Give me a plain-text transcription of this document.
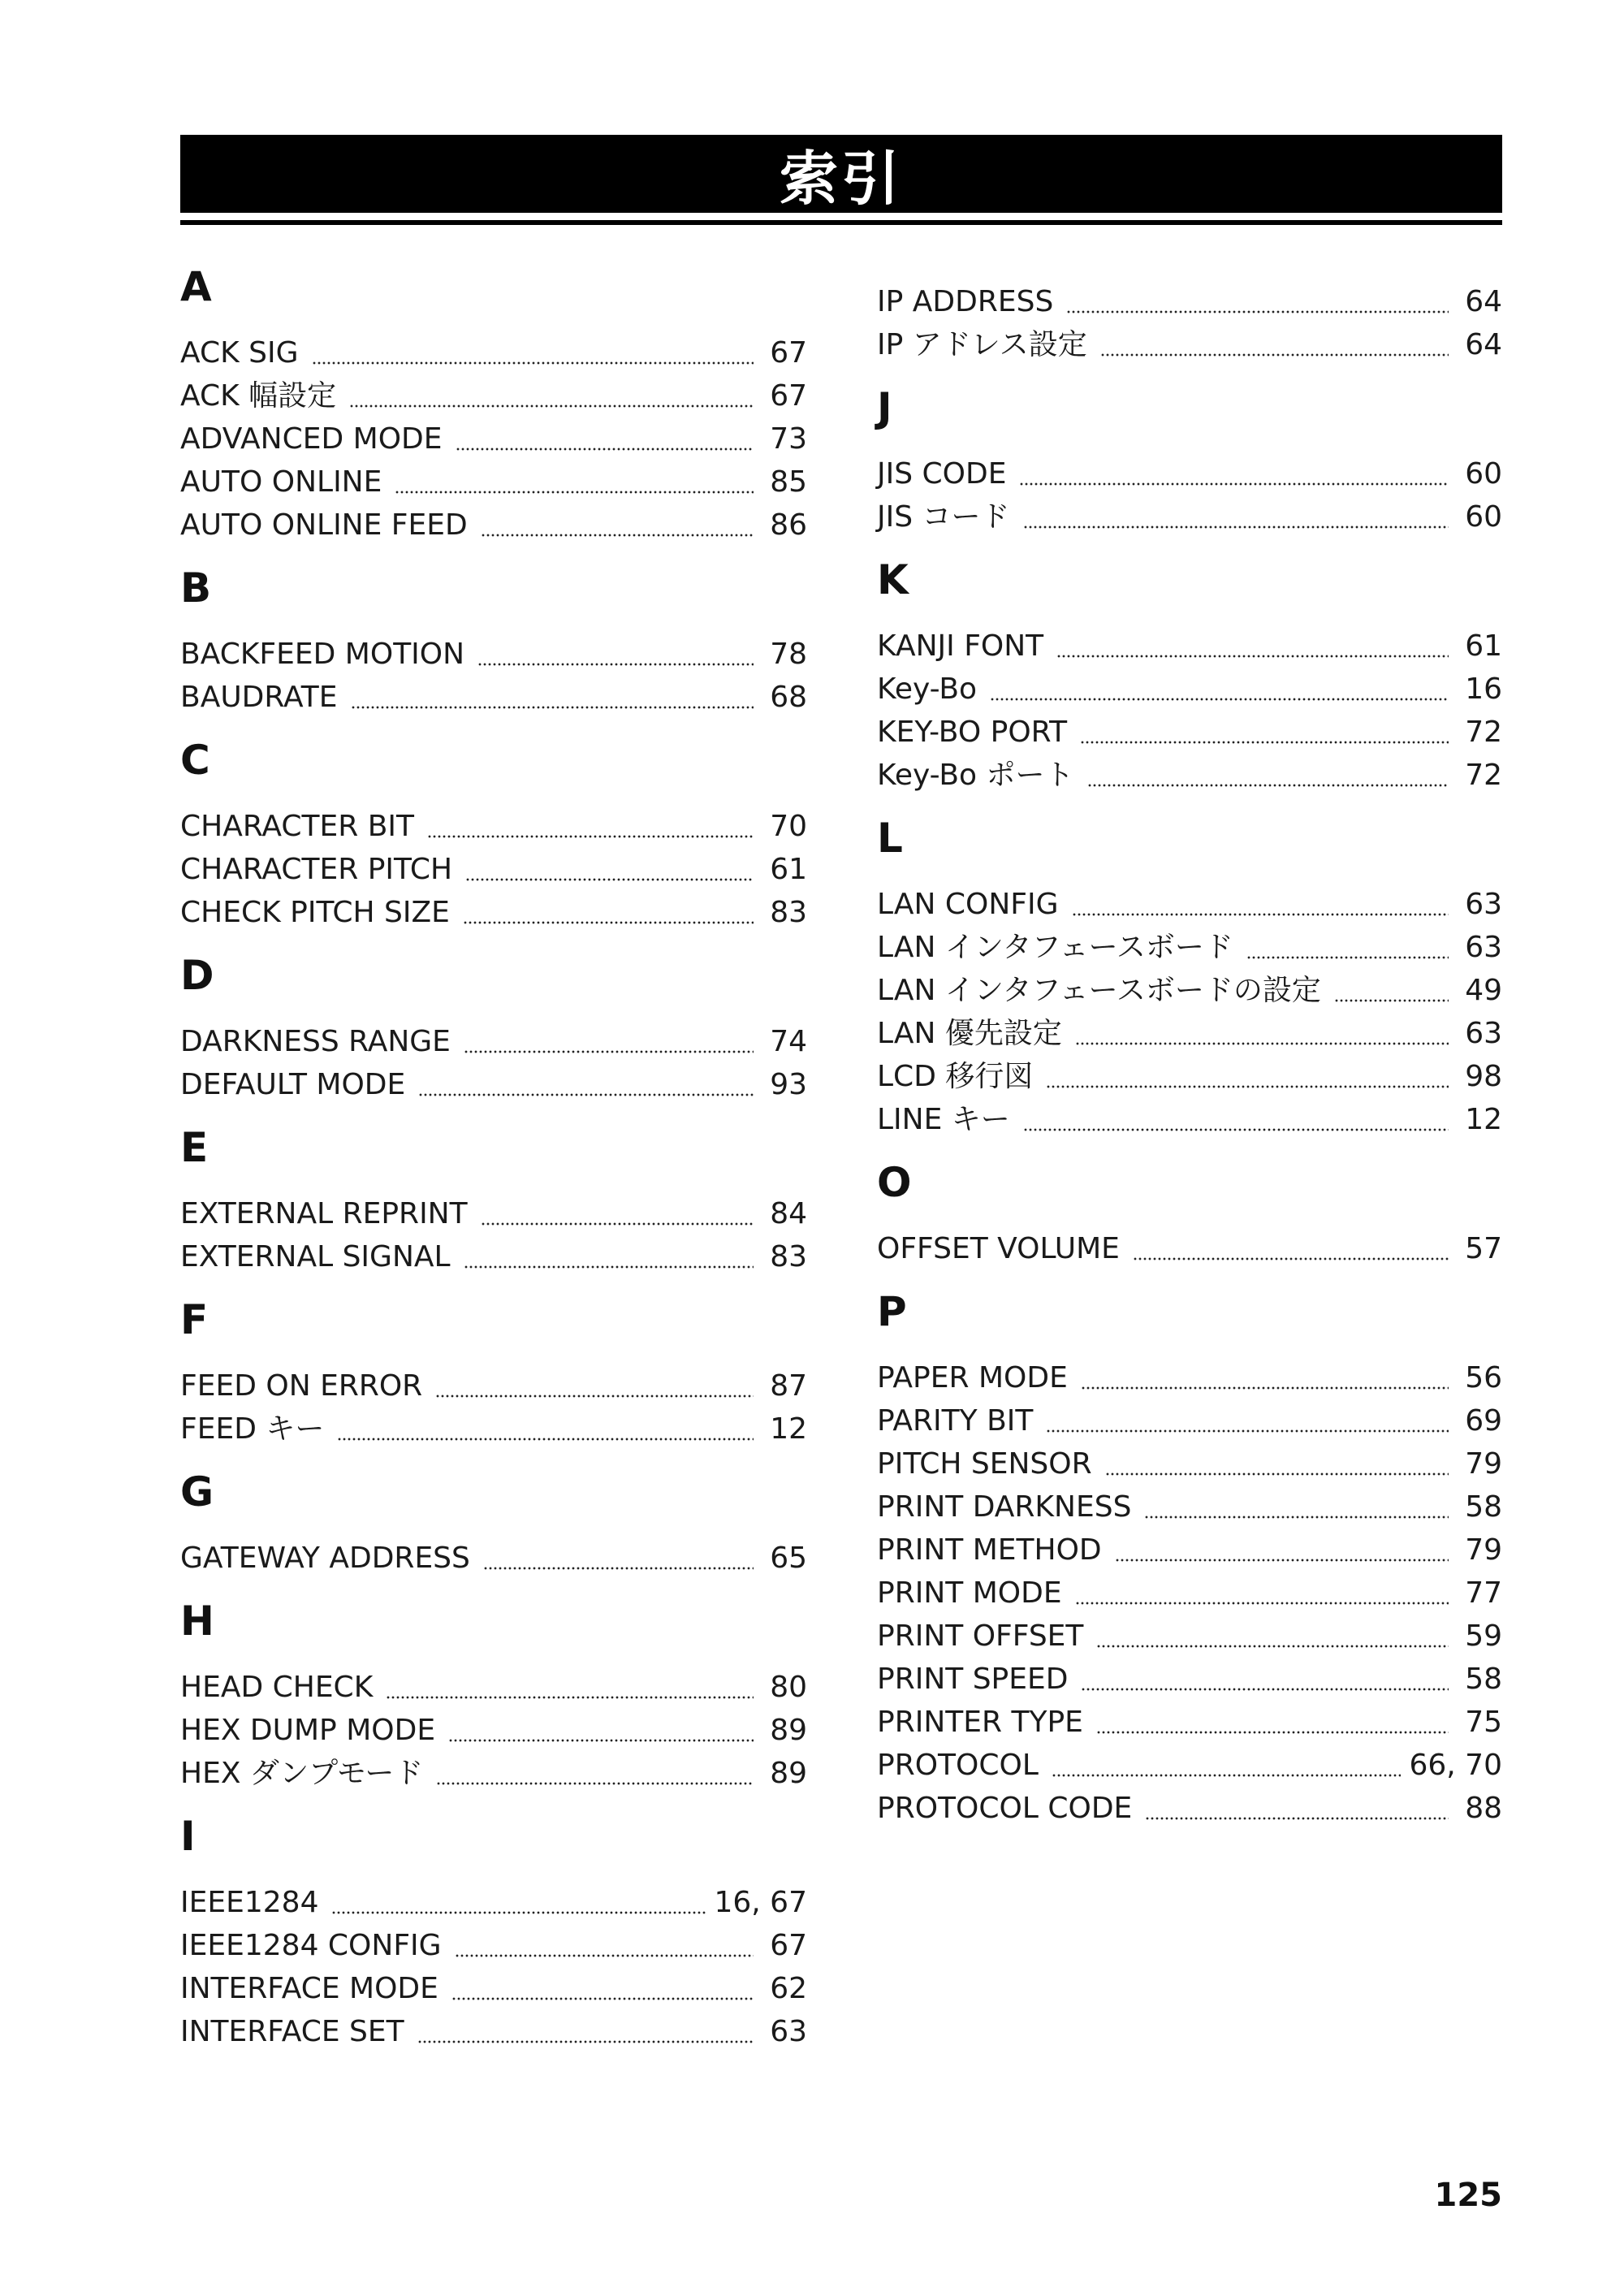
索引
A
ACK SIG	67
ACK 幅設定	67
ADVANCED MODE	73
AUTO ONLINE	85
AUTO ONLINE FEED	86
B
BACKFEED MOTION	78
BAUDRATE	68
C
CHARACTER BIT	70
CHARACTER PITCH	61
CHECK PITCH SIZE	83
D
DARKNESS RANGE	74
DEFAULT MODE	93
E
EXTERNAL REPRINT	84
EXTERNAL SIGNAL	83
F
FEED ON ERROR	87
FEED キー	12
G
GATEWAY ADDRESS	65
H
HEAD CHECK	80
HEX DUMP MODE	89
HEX ダンプモード	89
I
IEEE1284	16, 67
IEEE1284 CONFIG	67
INTERFACE MODE	62
INTERFACE SET	63
IP ADDRESS	64
IP アドレス設定	64
J
JIS CODE	60
JIS コード	60
K
KANJI FONT	61
Key-Bo	16
KEY-BO PORT	72
Key-Bo ポート	72
L
LAN CONFIG	63
LAN インタフェースボード	63
LAN インタフェースボードの設定	49
LAN 優先設定	63
LCD 移行図	98
LINE キー	12
O
OFFSET VOLUME	57
P
PAPER MODE	56
PARITY BIT	69
PITCH SENSOR	79
PRINT DARKNESS	58
PRINT METHOD	79
PRINT MODE	77
PRINT OFFSET	59
PRINT SPEED	58
PRINTER TYPE	75
PROTOCOL	66, 70
PROTOCOL CODE	88
125
